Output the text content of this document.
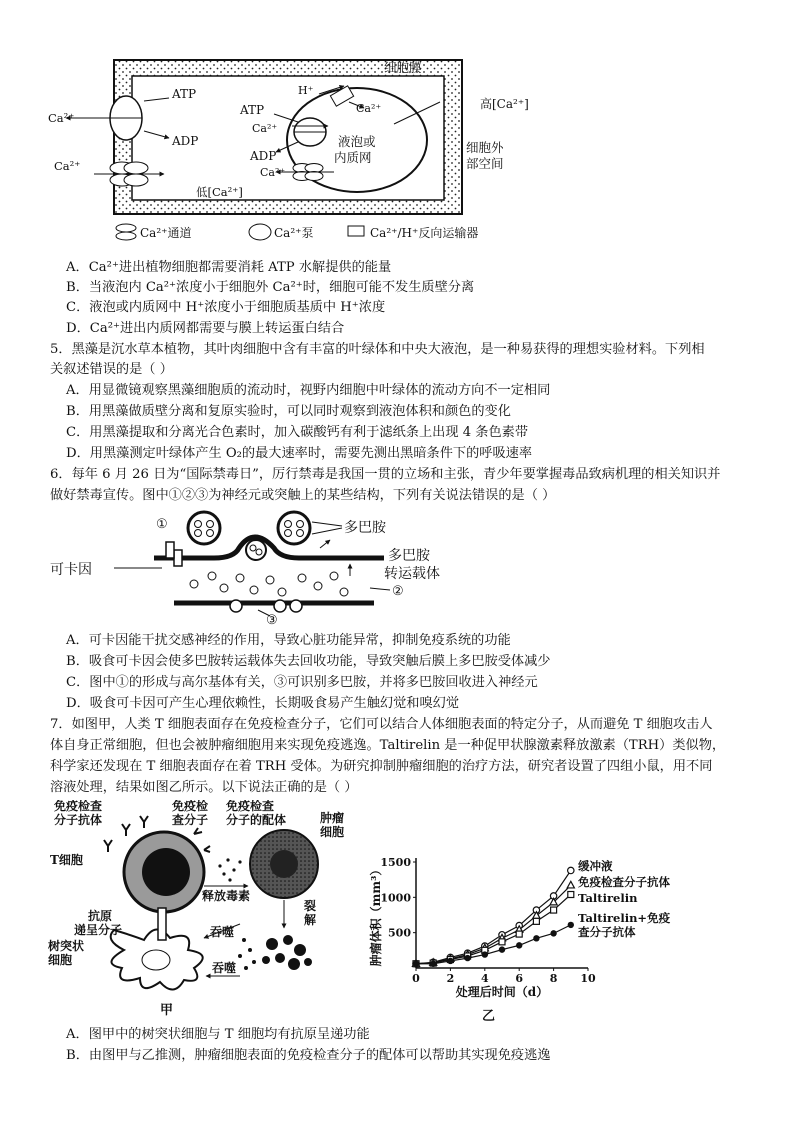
细胞膜
ATP
ADP
Ca²⁺
Ca²⁺
低[Ca²⁺]
高[Ca²⁺]
H⁺
Ca²⁺
ATP
Ca²⁺
ADP
Ca²⁺
液泡或
内质网
细胞外
部空间
Ca²⁺通道	Ca²⁺泵	Ca²⁺/H⁺反向运输器
A．Ca²⁺进出植物细胞都需要消耗 ATP 水解提供的能量
B．当液泡内 Ca²⁺浓度小于细胞外 Ca²⁺时，细胞可能不发生质壁分离
C．液泡或内质网中 H⁺浓度小于细胞质基质中 H⁺浓度
D．Ca²⁺进出内质网都需要与膜上转运蛋白结合
5．黑藻是沉水草本植物，其叶肉细胞中含有丰富的叶绿体和中央大液泡，是一种易获得的理想实验材料。下列相
关叙述错误的是（ ）
A．用显微镜观察黑藻细胞质的流动时，视野内细胞中叶绿体的流动方向不一定相同
B．用黑藻做质壁分离和复原实验时，可以同时观察到液泡体积和颜色的变化
C．用黑藻提取和分离光合色素时，加入碳酸钙有利于滤纸条上出现 4 条色素带
D．用黑藻测定叶绿体产生 O₂的最大速率时，需要先测出黑暗条件下的呼吸速率
6．每年 6 月 26 日为“国际禁毒日”，厉行禁毒是我国一贯的立场和主张，青少年要掌握毒品致病机理的相关知识并
做好禁毒宣传。图中①②③为神经元或突触上的某些结构，下列有关说法错误的是（ ）
①
③
②
多巴胺
可卡因
多巴胺
转运载体
A．可卡因能干扰交感神经的作用，导致心脏功能异常，抑制免疫系统的功能
B．吸食可卡因会使多巴胺转运载体失去回收功能，导致突触后膜上多巴胺受体减少
C．图中①的形成与高尔基体有关，③可识别多巴胺，并将多巴胺回收进入神经元
D．吸食可卡因可产生心理依赖性，长期吸食易产生触幻觉和嗅幻觉
7．如图甲，人类 T 细胞表面存在免疫检查分子，它们可以结合人体细胞表面的特定分子，从而避免 T 细胞攻击人
体自身正常细胞，但也会被肿瘤细胞用来实现免疫逃逸。Taltirelin 是一种促甲状腺激素释放激素（TRH）类似物，
科学家还发现在 T 细胞表面存在着 TRH 受体。为研究抑制肿瘤细胞的治疗方法，研究者设置了四组小鼠，用不同
溶液处理，结果如图乙所示。以下说法正确的是（ ）
免疫检查
分子抗体
免疫检
查分子
免疫检查
分子的配体	肿瘤
细胞
T细胞
释放毒素
抗原
递呈分子
裂
解
吞噬
吞噬
树突状
细胞
甲
0 2 4 6 8 10
500
1000
1500
处理后时间（d）
肿瘤体积（mm³）	缓冲液
免疫检查分子抗体
Taltirelin
Taltirelin+免疫
查分子抗体
乙
A．图甲中的树突状细胞与 T 细胞均有抗原呈递功能
B．由图甲与乙推测，肿瘤细胞表面的免疫检查分子的配体可以帮助其实现免疫逃逸
